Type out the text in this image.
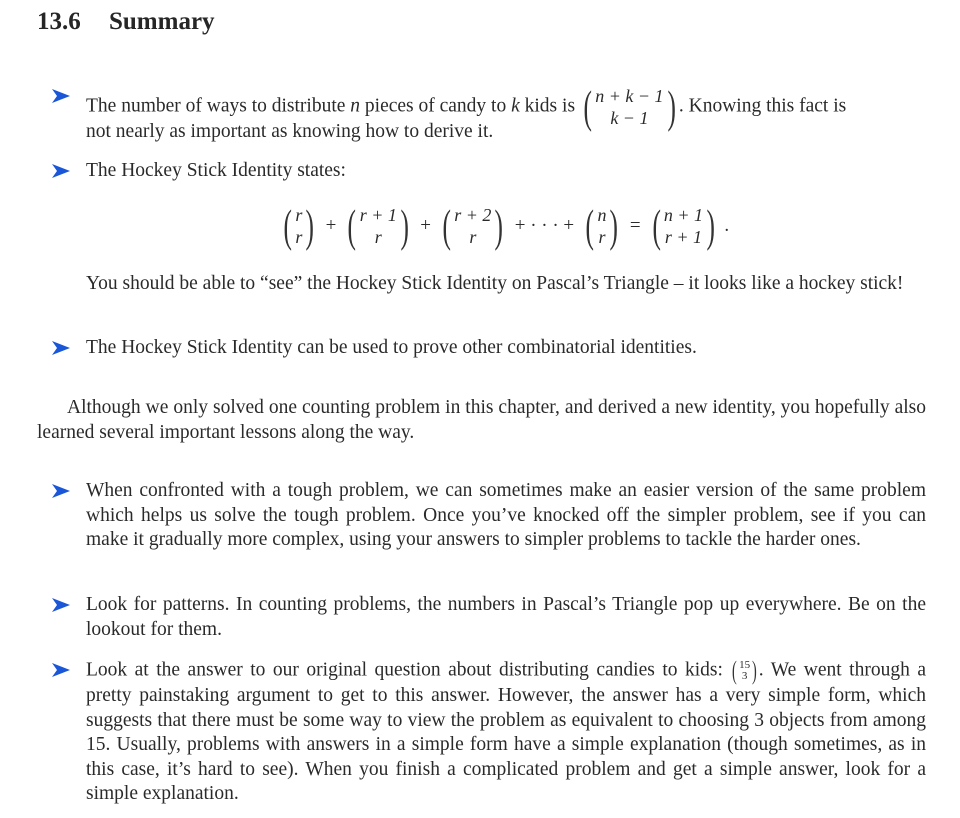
13.6 Summary
The number of ways to distribute n pieces of candy to k kids is ( n + k − 1
k − 1 ) . Knowing this fact is
not nearly as important as knowing how to derive it.
The Hockey Stick Identity states:
( r
r ) + ( r + 1
r ) + ( r + 2
r ) + · · · + ( n
r ) = ( n + 1
r + 1 ) .
You should be able to “see” the Hockey Stick Identity on Pascal’s Triangle – it looks like a hockey stick!
The Hockey Stick Identity can be used to prove other combinatorial identities.
Although we only solved one counting problem in this chapter, and derived a new identity, you hopefully also learned several important lessons along the way.
When confronted with a tough problem, we can sometimes make an easier version of the same problem which helps us solve the tough problem. Once you’ve knocked off the simpler problem, see if you can make it gradually more complex, using your answers to simpler problems to tackle the harder ones.
Look for patterns. In counting problems, the numbers in Pascal’s Triangle pop up everywhere. Be on the lookout for them.
Look at the answer to our original question about distributing candies to kids: ( 15
3 ) . We went through a pretty painstaking argument to get to this answer. However, the answer has a very simple form, which suggests that there must be some way to view the problem as equivalent to choosing 3 objects from among 15. Usually, problems with answers in a simple form have a simple explanation (though sometimes, as in this case, it’s hard to see). When you finish a complicated problem and get a simple answer, look for a simple explanation.
